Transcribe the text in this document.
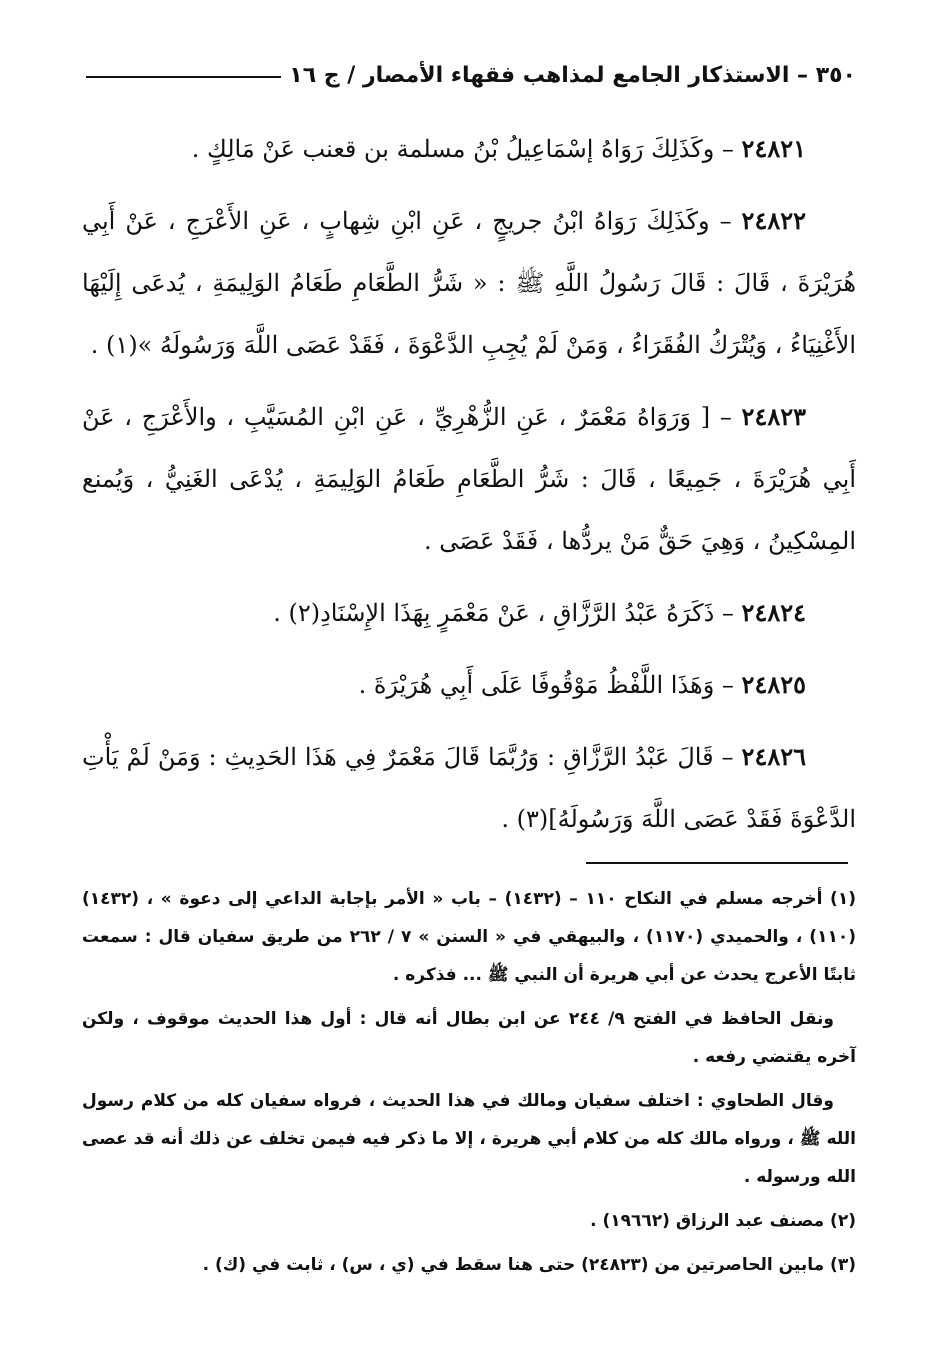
٣٥٠ – الاستذكار الجامع لمذاهب فقهاء الأمصار / ج ١٦

٢٤٨٢١ – وكَذَلِكَ رَوَاهُ إسْمَاعِيلُ بْنُ مسلمة بن قعنب عَنْ مَالِكٍ .

٢٤٨٢٢ – وكَذَلِكَ رَوَاهُ ابْنُ جريجٍ ، عَنِ ابْنِ شِهابٍ ، عَنِ الأَعْرَجِ ، عَنْ أَبِي هُرَيْرَةَ ، قَالَ : قَالَ رَسُولُ اللَّهِ ﷺ : « شَرُّ الطَّعَامِ طَعَامُ الوَلِيمَةِ ، يُدعَى إِلَيْهَا الأَغْنِيَاءُ ، وَيُتْرَكُ الفُقَرَاءُ ، وَمَنْ لَمْ يُجِبِ الدَّعْوَةَ ، فَقَدْ عَصَى اللَّهَ وَرَسُولَهُ »(١) .

٢٤٨٢٣ – [ وَرَوَاهُ مَعْمَرٌ ، عَنِ الزُّهْرِيِّ ، عَنِ ابْنِ المُسَيَّبِ ، والأَعْرَجِ ، عَنْ أَبِي هُرَيْرَةَ ، جَمِيعًا ، قَالَ : شَرُّ الطَّعَامِ طَعَامُ الوَلِيمَةِ ، يُدْعَى الغَنِيُّ ، وَيُمنع المِسْكِينُ ، وَهِيَ حَقٌّ مَنْ يردُّها ، فَقَدْ عَصَى .

٢٤٨٢٤ – ذَكَرَهُ عَبْدُ الرَّزَّاقِ ، عَنْ مَعْمَرٍ بِهَذَا الإِسْنَادِ(٢) .

٢٤٨٢٥ – وَهَذَا اللَّفْظُ مَوْقُوفًا عَلَى أَبِي هُرَيْرَةَ .

٢٤٨٢٦ – قَالَ عَبْدُ الرَّزَّاقِ : وَرُبَّمَا قَالَ مَعْمَرٌ فِي هَذَا الحَدِيثِ : وَمَنْ لَمْ يَأْتِ الدَّعْوَةَ فَقَدْ عَصَى اللَّهَ وَرَسُولَهُ](٣) .

(١) أخرجه مسلم في النكاح ١١٠ – (١٤٣٢) – باب « الأمر بإجابة الداعي إلى دعوة » ، (١٤٣٢) (١١٠) ، والحميدي (١١٧٠) ، والبيهقي في « السنن » ٧ / ٢٦٢ من طريق سفيان قال : سمعت ثابتًا الأعرج يحدث عن أبي هريرة أن النبي ﷺ ... فذكره .

ونقل الحافظ في الفتح ٩/ ٢٤٤ عن ابن بطال أنه قال : أول هذا الحديث موقوف ، ولكن آخره يقتضي رفعه .

وقال الطحاوي : اختلف سفيان ومالك في هذا الحديث ، فرواه سفيان كله من كلام رسول الله ﷺ ، ورواه مالك كله من كلام أبي هريرة ، إلا ما ذكر فيه فيمن تخلف عن ذلك أنه قد عصى الله ورسوله .

(٢) مصنف عبد الرزاق (١٩٦٦٢) .

(٣) مابين الحاصرتين من (٢٤٨٢٣) حتى هنا سقط في (ي ، س) ، ثابت في (ك) .
